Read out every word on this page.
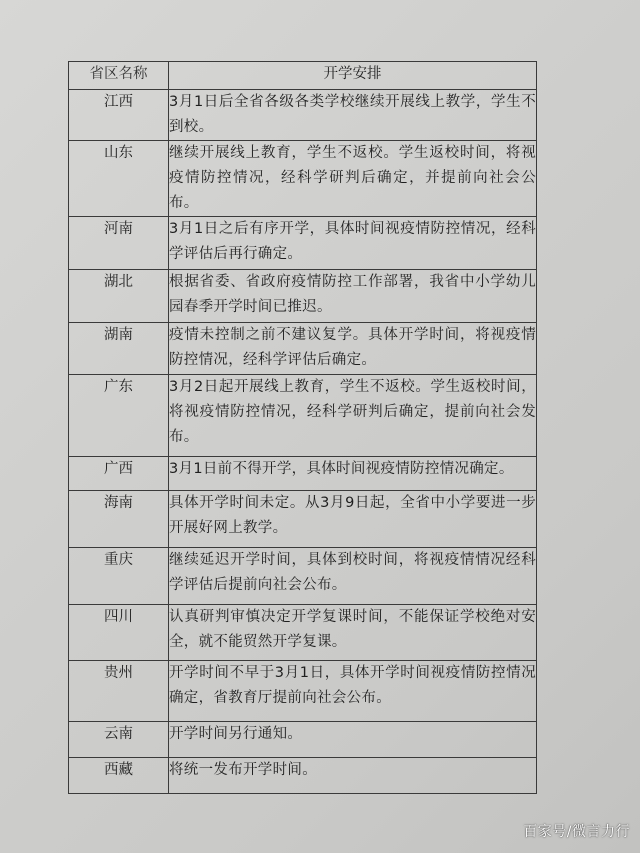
省区名称	开学安排
江西	3月1日后全省各级各类学校继续开展线上教学，学生不到校。
山东	继续开展线上教育，学生不返校。学生返校时间，将视疫情防控情况，经科学研判后确定，并提前向社会公布。
河南	3月1日之后有序开学，具体时间视疫情防控情况，经科学评估后再行确定。
湖北	根据省委、省政府疫情防控工作部署，我省中小学幼儿园春季开学时间已推迟。
湖南	疫情未控制之前不建议复学。具体开学时间，将视疫情防控情况，经科学评估后确定。
广东	3月2日起开展线上教育，学生不返校。学生返校时间，将视疫情防控情况，经科学研判后确定，提前向社会发布。
广西	3月1日前不得开学，具体时间视疫情防控情况确定。
海南	具体开学时间未定。从3月9日起，全省中小学要进一步开展好网上教学。
重庆	继续延迟开学时间，具体到校时间，将视疫情情况经科学评估后提前向社会公布。
四川	认真研判审慎决定开学复课时间，不能保证学校绝对安全，就不能贸然开学复课。
贵州	开学时间不早于3月1日，具体开学时间视疫情防控情况确定，省教育厅提前向社会公布。
云南	开学时间另行通知。
西藏	将统一发布开学时间。
百家号/微言力行
